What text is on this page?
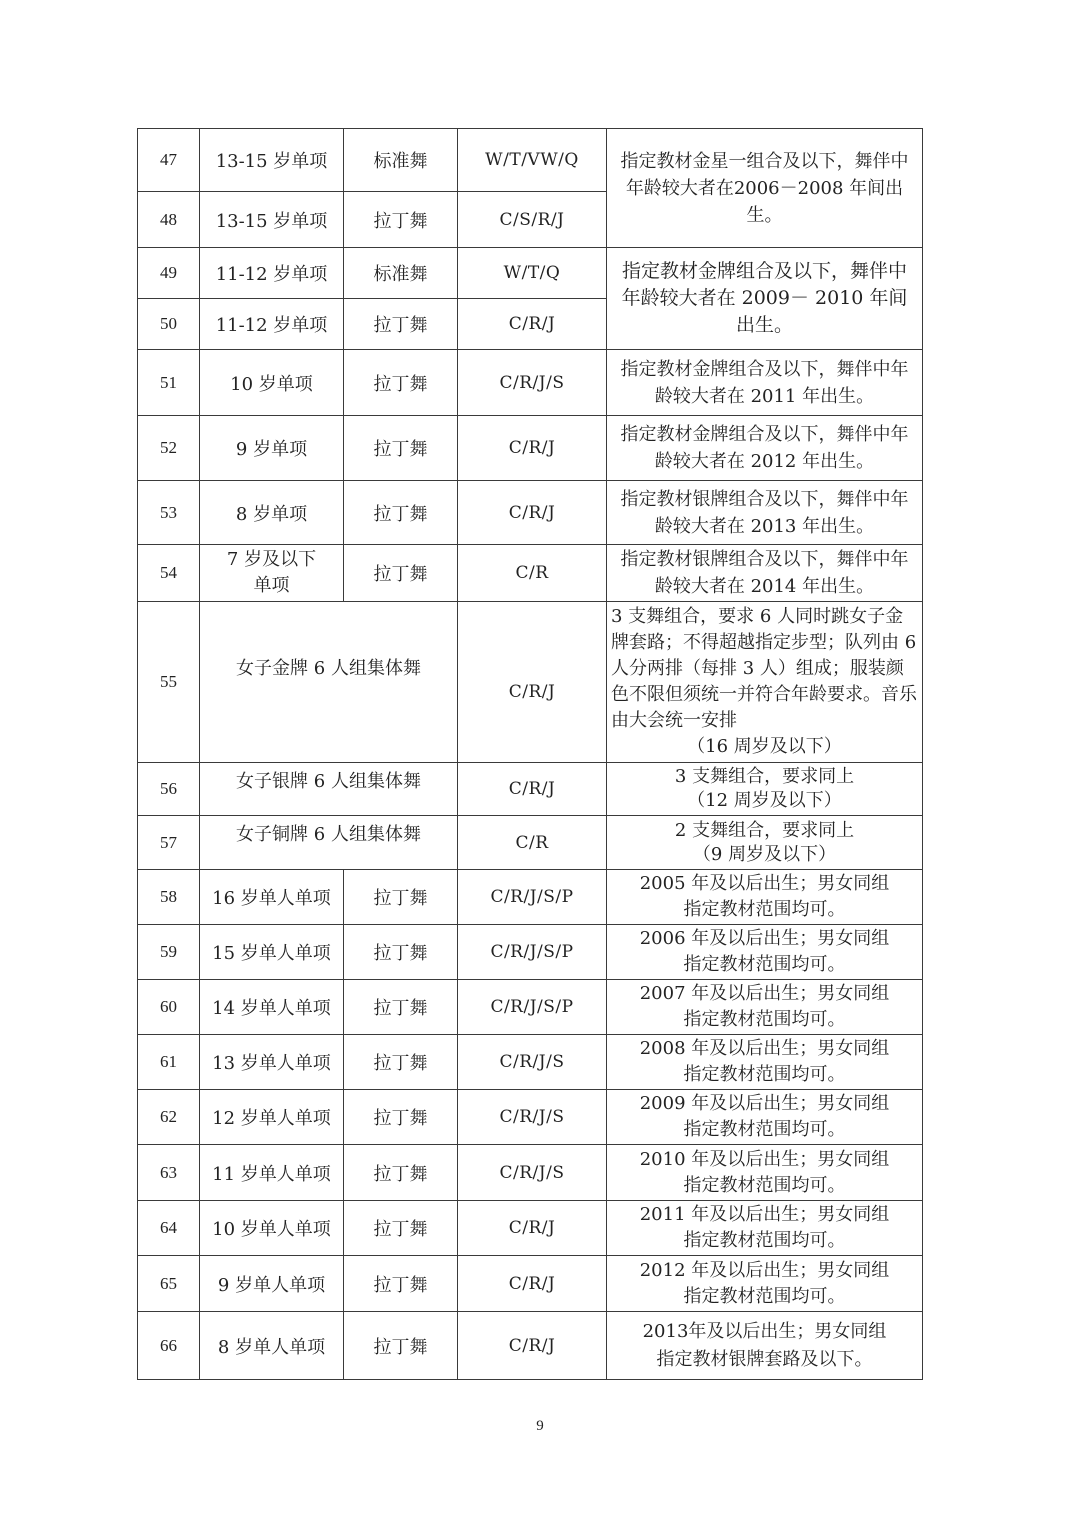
47	13-15 岁单项	标准舞	W/T/VW/Q	指定教材金星一组合及以下，舞伴中年龄较大者在2006－2008 年间出生。
48	13-15 岁单项	拉丁舞	C/S/R/J	
49	11-12 岁单项	标准舞	W/T/Q	指定教材金牌组合及以下，舞伴中年龄较大者在 2009－ 2010 年间出生。
50	11-12 岁单项	拉丁舞	C/R/J	
51	10 岁单项	拉丁舞	C/R/J/S	指定教材金牌组合及以下，舞伴中年龄较大者在 2011 年出生。
52	9 岁单项	拉丁舞	C/R/J	指定教材金牌组合及以下，舞伴中年龄较大者在 2012 年出生。
53	8 岁单项	拉丁舞	C/R/J	指定教材银牌组合及以下，舞伴中年龄较大者在 2013 年出生。
54	7 岁及以下单项	拉丁舞	C/R	指定教材银牌组合及以下，舞伴中年龄较大者在 2014 年出生。
55	女子金牌 6 人组集体舞		C/R/J	3 支舞组合，要求 6 人同时跳女子金牌套路；不得超越指定步型；队列由 6 人分两排（每排 3 人）组成；服装颜色不限但须统一并符合年龄要求。音乐由大会统一安排
（16 周岁及以下）

56	女子银牌 6 人组集体舞		C/R/J	3 支舞组合，要求同上
（12 周岁及以下）

57	女子铜牌 6 人组集体舞		C/R	2 支舞组合，要求同上
（9 周岁及以下）

58	16 岁单人单项	拉丁舞	C/R/J/S/P	2005 年及以后出生；男女同组
指定教材范围均可。

59	15 岁单人单项	拉丁舞	C/R/J/S/P	2006 年及以后出生；男女同组
指定教材范围均可。

60	14 岁单人单项	拉丁舞	C/R/J/S/P	2007 年及以后出生；男女同组
指定教材范围均可。

61	13 岁单人单项	拉丁舞	C/R/J/S	2008 年及以后出生；男女同组
指定教材范围均可。

62	12 岁单人单项	拉丁舞	C/R/J/S	2009 年及以后出生；男女同组
指定教材范围均可。

63	11 岁单人单项	拉丁舞	C/R/J/S	2010 年及以后出生；男女同组
指定教材范围均可。

64	10 岁单人单项	拉丁舞	C/R/J	2011 年及以后出生；男女同组
指定教材范围均可。

65	9 岁单人单项	拉丁舞	C/R/J	2012 年及以后出生；男女同组
指定教材范围均可。

66	8 岁单人单项	拉丁舞	C/R/J	2013年及以后出生；男女同组
指定教材银牌套路及以下。
9
